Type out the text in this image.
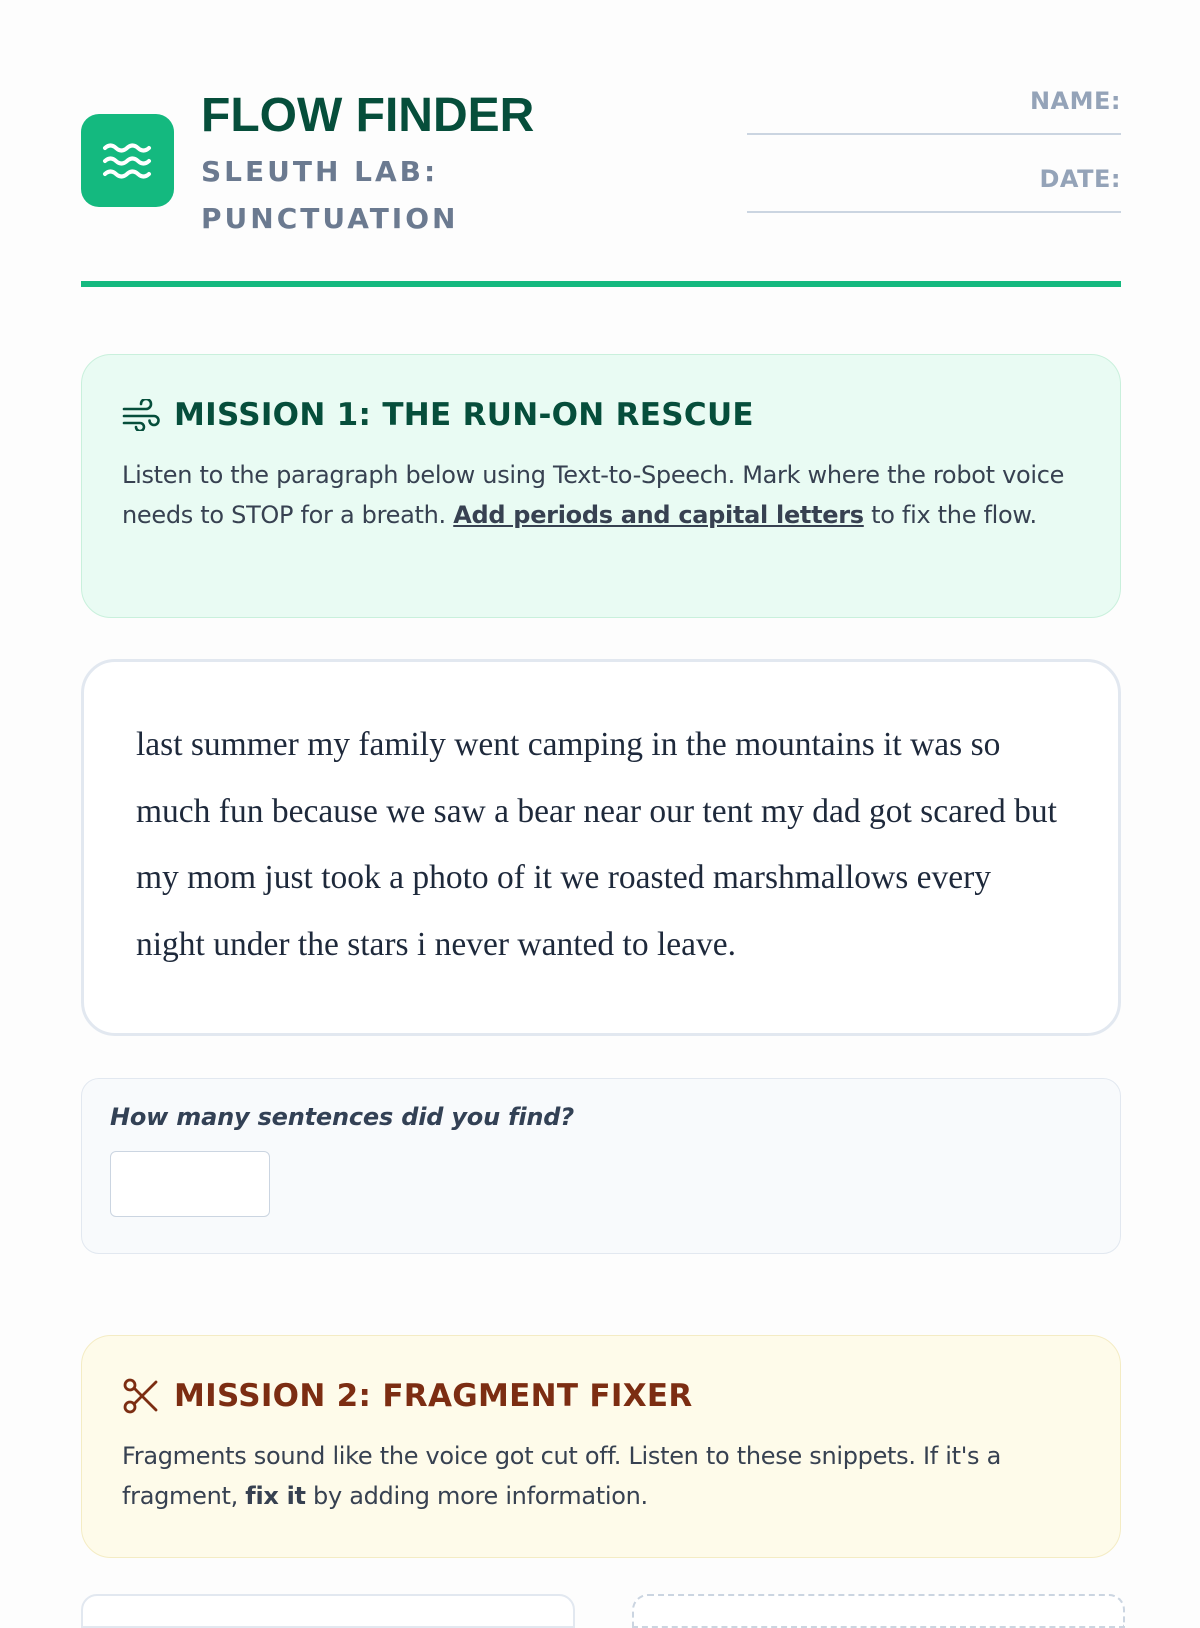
FLOW FINDER
SLEUTH LAB: PUNCTUATION
NAME:
DATE:
MISSION 1: THE RUN-ON RESCUE
Listen to the paragraph below using Text-to-Speech. Mark where the robot voice needs to STOP for a breath. Add periods and capital letters to fix the flow.
last summer my family went camping in the mountains it was so much fun because we saw a bear near our tent my dad got scared but my mom just took a photo of it we roasted marshmallows every night under the stars i never wanted to leave.
How many sentences did you find?
MISSION 2: FRAGMENT FIXER
Fragments sound like the voice got cut off. Listen to these snippets. If it's a fragment, fix it by adding more information.
